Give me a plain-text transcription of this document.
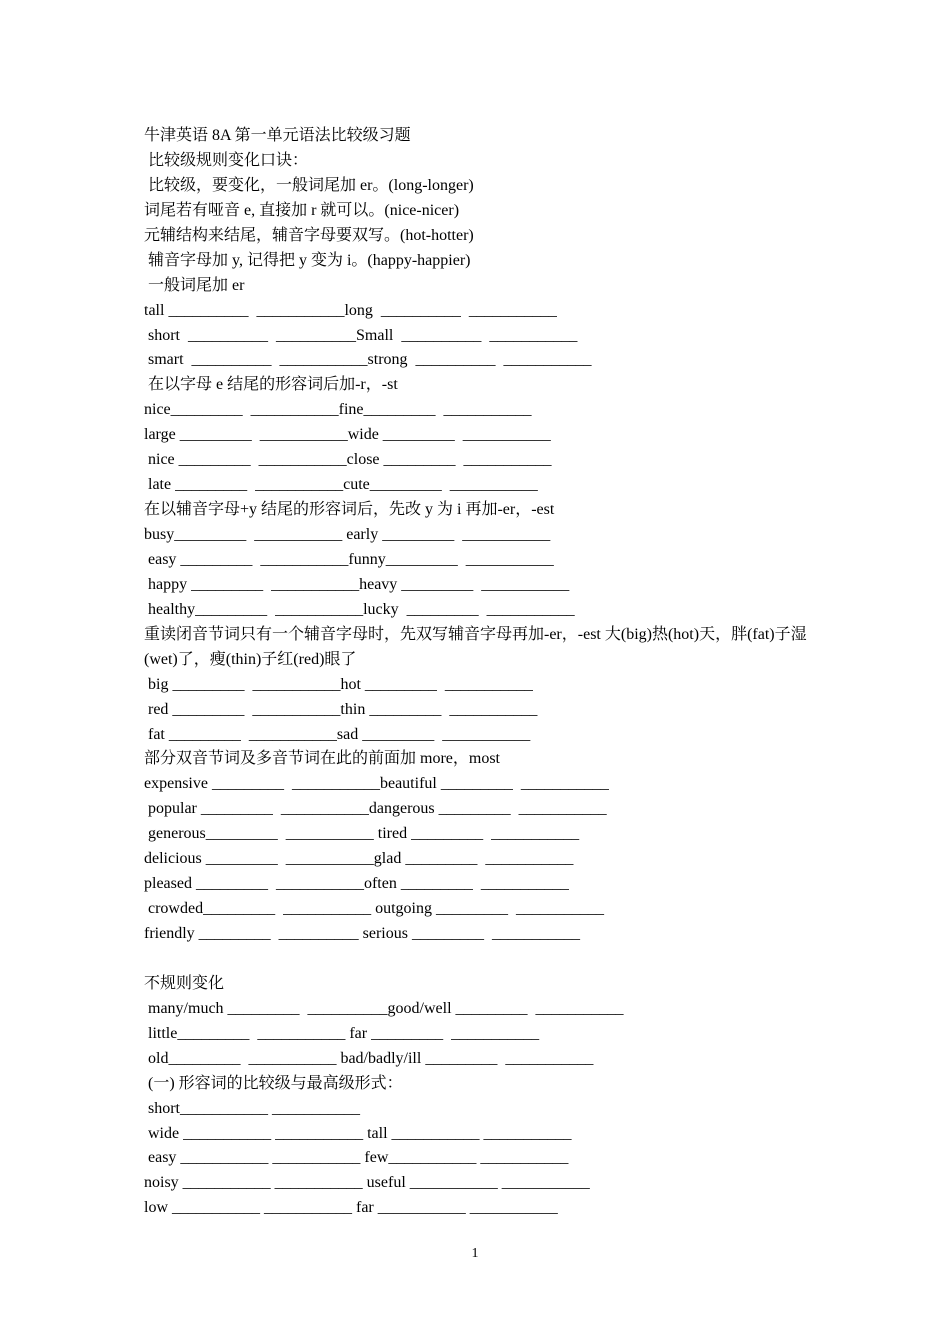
牛津英语 8A 第一单元语法比较级习题
比较级规则变化口诀：
比较级，要变化，一般词尾加 er。(long-longer)
词尾若有哑音 e, 直接加 r 就可以。(nice-nicer)
元辅结构来结尾，辅音字母要双写。(hot-hotter)
辅音字母加 y, 记得把 y 变为 i。(happy-happier)
一般词尾加 er
tall __________  ___________long  __________  ___________
short  __________  __________Small  __________  ___________
smart  __________  ___________strong  __________  ___________
在以字母 e 结尾的形容词后加-r，-st
nice_________  ___________fine_________  ___________
large _________  ___________wide _________  ___________
nice _________  ___________close _________  ___________
late _________  ___________cute_________  ___________
在以辅音字母+y 结尾的形容词后，先改 y 为 i 再加-er，-est
busy_________  ___________ early _________  ___________
easy _________  ___________funny_________  ___________
happy _________  ___________heavy _________  ___________
healthy_________  ___________lucky  _________  ___________
重读闭音节词只有一个辅音字母时，先双写辅音字母再加-er，-est 大(big)热(hot)天，胖(fat)子湿(wet)了，瘦(thin)子红(red)眼了
big _________  ___________hot _________  ___________
red _________  ___________thin _________  ___________
fat _________  ___________sad _________  ___________
部分双音节词及多音节词在此的前面加 more，most
expensive _________  ___________beautiful _________  ___________
popular _________  ___________dangerous _________  ___________
generous_________  ___________ tired _________  ___________
delicious _________  ___________glad _________  ___________
pleased _________  ___________often _________  ___________
crowded_________  ___________ outgoing _________  ___________
friendly _________  __________ serious _________  ___________
不规则变化
many/much _________  __________good/well _________  ___________
little_________  ___________ far _________  ___________
old_________  ___________ bad/badly/ill _________  ___________
(一) 形容词的比较级与最高级形式：
short___________ ___________
wide ___________ ___________ tall ___________ ___________
easy ___________ ___________ few___________ ___________
noisy ___________ ___________ useful ___________ ___________
low ___________ ___________ far ___________ ___________
1
